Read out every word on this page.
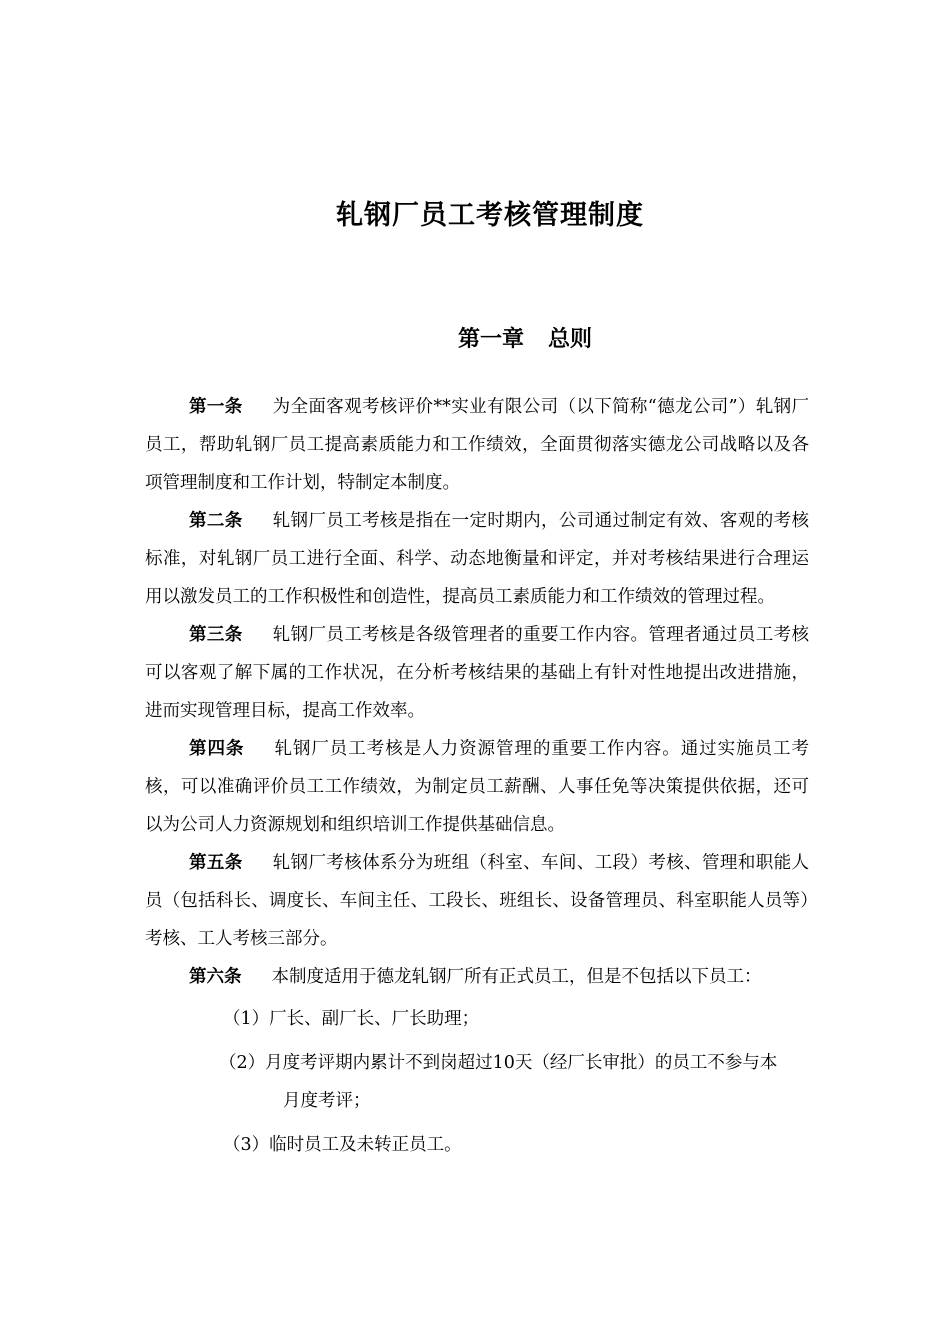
轧钢厂员工考核管理制度
第一章 总则

第一条 为全面客观考核评价**实业有限公司（以下简称“德龙公司”）轧钢厂员工，帮助轧钢厂员工提高素质能力和工作绩效，全面贯彻落实德龙公司战略以及各项管理制度和工作计划，特制定本制度。

第二条 轧钢厂员工考核是指在一定时期内，公司通过制定有效、客观的考核标准，对轧钢厂员工进行全面、科学、动态地衡量和评定，并对考核结果进行合理运用以激发员工的工作积极性和创造性，提高员工素质能力和工作绩效的管理过程。

第三条 轧钢厂员工考核是各级管理者的重要工作内容。管理者通过员工考核可以客观了解下属的工作状况，在分析考核结果的基础上有针对性地提出改进措施，进而实现管理目标，提高工作效率。

第四条 轧钢厂员工考核是人力资源管理的重要工作内容。通过实施员工考核，可以准确评价员工工作绩效，为制定员工薪酬、人事任免等决策提供依据，还可以为公司人力资源规划和组织培训工作提供基础信息。

第五条 轧钢厂考核体系分为班组（科室、车间、工段）考核、管理和职能人员（包括科长、调度长、车间主任、工段长、班组长、设备管理员、科室职能人员等）考核、工人考核三部分。

第六条 本制度适用于德龙轧钢厂所有正式员工，但是不包括以下员工：

（1）厂长、副厂长、厂长助理；

（2）月度考评期内累计不到岗超过10天（经厂长审批）的员工不参与本
月度考评；

（3）临时员工及未转正员工。
